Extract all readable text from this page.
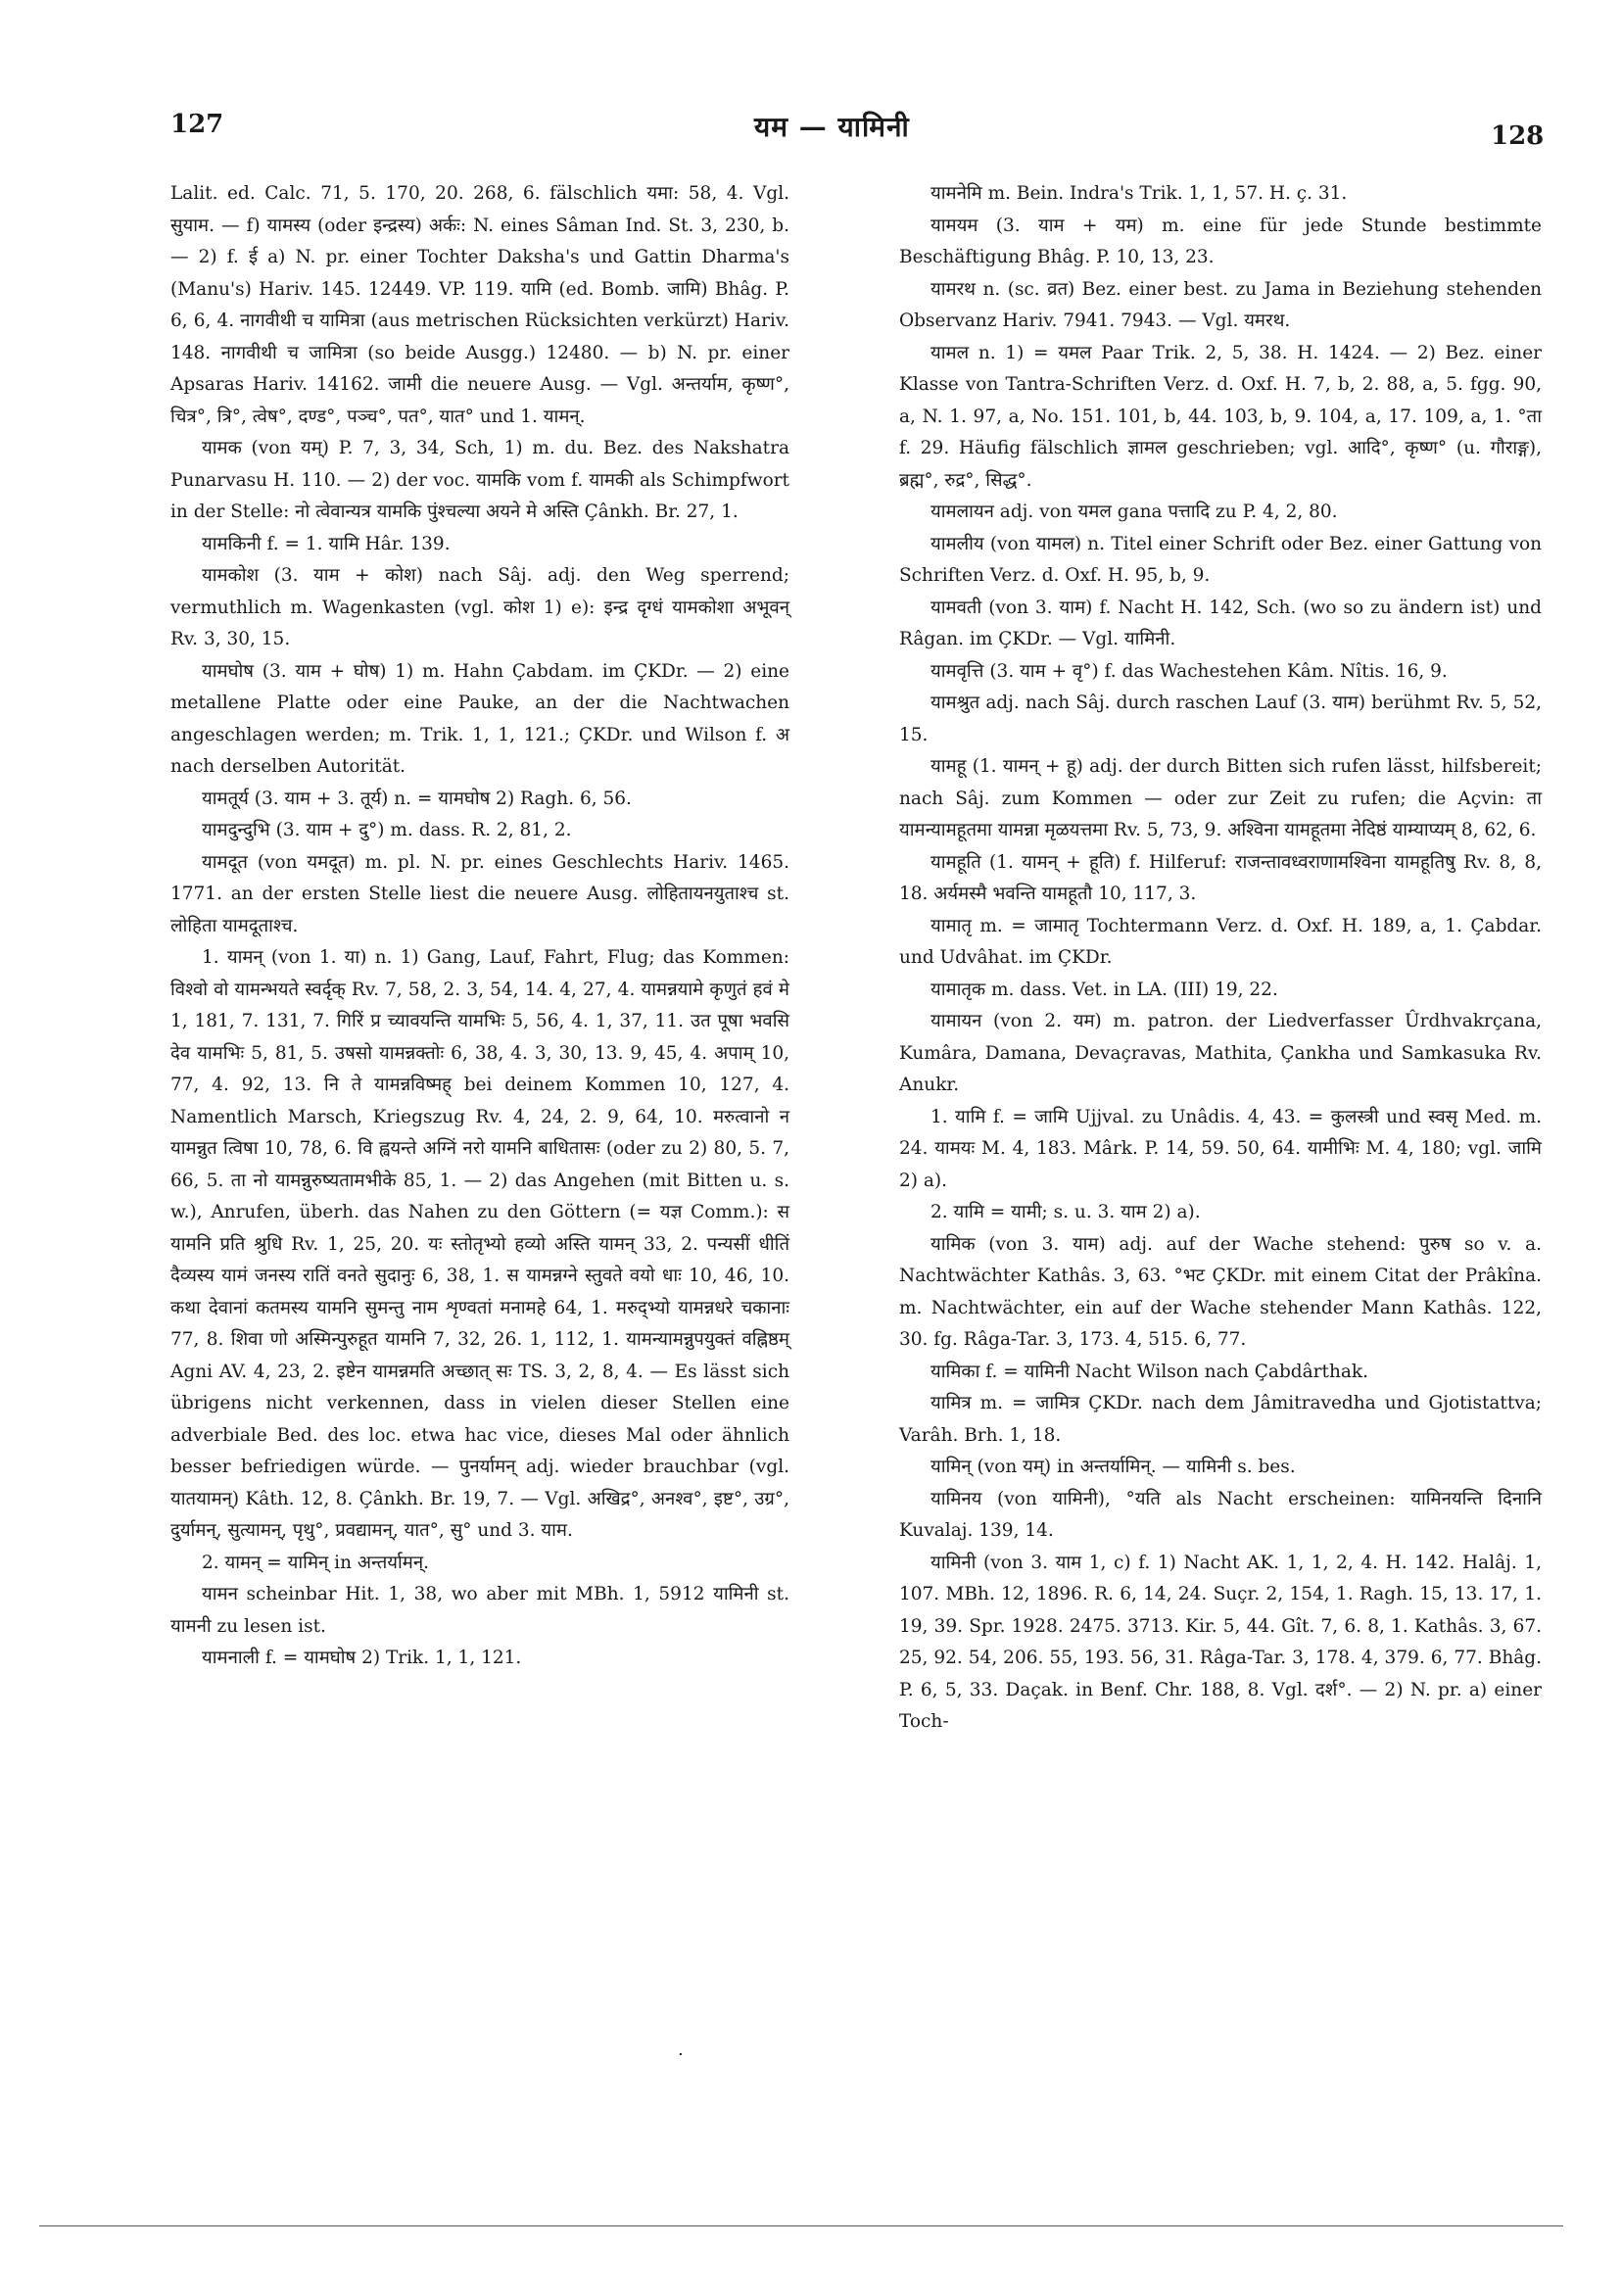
127	यम — यामिनी	128

Lalit. ed. Calc. 71, 5. 170, 20. 268, 6. fälschlich यमा: 58, 4. Vgl. सुयाम. — f) यामस्य (oder इन्द्रस्य) अर्कः: N. eines Sâman Ind. St. 3, 230, b. — 2) f. ई a) N. pr. einer Tochter Daksha's und Gattin Dharma's (Manu's) Hariv. 145. 12449. VP. 119. यामि (ed. Bomb. जामि) Bhâg. P. 6, 6, 4. नागवीथी च यामित्रा (aus metrischen Rücksichten verkürzt) Hariv. 148. नागवीथी च जामित्रा (so beide Ausgg.) 12480. — b) N. pr. einer Apsaras Hariv. 14162. जामी die neuere Ausg. — Vgl. अन्तर्याम, कृष्ण°, चित्र°, त्रि°, त्वेष°, दण्ड°, पञ्च°, पत°, यात° und 1. यामन्.

यामक (von यम्) P. 7, 3, 34, Sch, 1) m. du. Bez. des Nakshatra Punarvasu H. 110. — 2) der voc. यामकि vom f. यामकी als Schimpfwort in der Stelle: नो त्वेवान्यत्र यामकि पुंश्चल्या अयने मे अस्ति Çânkh. Br. 27, 1.

यामकिनी f. = 1. यामि Hâr. 139.

यामकोश (3. याम + कोश) nach Sâj. adj. den Weg sperrend; vermuthlich m. Wagenkasten (vgl. कोश 1) e): इन्द्र दृग्धं यामकोशा अभूवन् Rv. 3, 30, 15.

यामघोष (3. याम + घोष) 1) m. Hahn Çabdam. im ÇKDr. — 2) eine metallene Platte oder eine Pauke, an der die Nachtwachen angeschlagen werden; m. Trik. 1, 1, 121.; ÇKDr. und Wilson f. अ nach derselben Autorität.

यामतूर्य (3. याम + 3. तूर्य) n. = यामघोष 2) Ragh. 6, 56.

यामदुन्दुभि (3. याम + दु°) m. dass. R. 2, 81, 2.

यामदूत (von यमदूत) m. pl. N. pr. eines Geschlechts Hariv. 1465. 1771. an der ersten Stelle liest die neuere Ausg. लोहितायनयुताश्च st. लोहिता यामदूताश्च.

1. यामन् (von 1. या) n. 1) Gang, Lauf, Fahrt, Flug; das Kommen: विश्वो वो यामन्भयते स्वर्दृक् Rv. 7, 58, 2. 3, 54, 14. 4, 27, 4. यामन्नयामे कृणुतं हवं मे 1, 181, 7. 131, 7. गिरिं प्र च्यावयन्ति यामभिः 5, 56, 4. 1, 37, 11. उत पूषा भवसि देव यामभिः 5, 81, 5. उषसो यामन्नक्तोः 6, 38, 4. 3, 30, 13. 9, 45, 4. अपाम् 10, 77, 4. 92, 13. नि ते यामन्नविष्मह् bei deinem Kommen 10, 127, 4. Namentlich Marsch, Kriegszug Rv. 4, 24, 2. 9, 64, 10. मरुत्वानो न यामन्नुत त्विषा 10, 78, 6. वि ह्वयन्ते अग्निं नरो यामनि बाधितासः (oder zu 2) 80, 5. 7, 66, 5. ता नो यामन्नुरुष्यतामभीके 85, 1. — 2) das Angehen (mit Bitten u. s. w.), Anrufen, überh. das Nahen zu den Göttern (= यज्ञ Comm.): स यामनि प्रति श्रुधि Rv. 1, 25, 20. यः स्तोतृभ्यो हव्यो अस्ति यामन् 33, 2. पन्यसीं धीतिं दैव्यस्य यामं जनस्य रातिं वनते सुदानुः 6, 38, 1. स यामन्नग्ने स्तुवते वयो धाः 10, 46, 10. कथा देवानां कतमस्य यामनि सुमन्तु नाम शृण्वतां मनामहे 64, 1. मरुद्भ्यो यामन्नधरे चकानाः 77, 8. शिवा णो अस्मिन्पुरुहूत यामनि 7, 32, 26. 1, 112, 1. यामन्यामन्नुपयुक्तं वह्निष्ठम् Agni AV. 4, 23, 2. इष्टेन यामन्नमति अच्छात् सः TS. 3, 2, 8, 4. — Es lässt sich übrigens nicht verkennen, dass in vielen dieser Stellen eine adverbiale Bed. des loc. etwa hac vice, dieses Mal oder ähnlich besser befriedigen würde. — पुनर्यामन् adj. wieder brauchbar (vgl. यातयामन्) Kâth. 12, 8. Çânkh. Br. 19, 7. — Vgl. अखिद्र°, अनश्व°, इष्ट°, उग्र°, दुर्यामन्, सुत्यामन्, पृथु°, प्रवद्यामन्, यात°, सु° und 3. याम.

2. यामन् = यामिन् in अन्तर्यामन्.

यामन scheinbar Hit. 1, 38, wo aber mit MBh. 1, 5912 यामिनी st. यामनी zu lesen ist.

यामनाली f. = यामघोष 2) Trik. 1, 1, 121.

यामनेमि m. Bein. Indra's Trik. 1, 1, 57. H. ç. 31.

यामयम (3. याम + यम) m. eine für jede Stunde bestimmte Beschäftigung Bhâg. P. 10, 13, 23.

यामरथ n. (sc. व्रत) Bez. einer best. zu Jama in Beziehung stehenden Observanz Hariv. 7941. 7943. — Vgl. यमरथ.

यामल n. 1) = यमल Paar Trik. 2, 5, 38. H. 1424. — 2) Bez. einer Klasse von Tantra-Schriften Verz. d. Oxf. H. 7, b, 2. 88, a, 5. fgg. 90, a, N. 1. 97, a, No. 151. 101, b, 44. 103, b, 9. 104, a, 17. 109, a, 1. °ता f. 29. Häufig fälschlich ज्ञामल geschrieben; vgl. आदि°, कृष्ण° (u. गौराङ्ग), ब्रह्म°, रुद्र°, सिद्ध°.

यामलायन adj. von यमल gana पत्तादि zu P. 4, 2, 80.

यामलीय (von यामल) n. Titel einer Schrift oder Bez. einer Gattung von Schriften Verz. d. Oxf. H. 95, b, 9.

यामवती (von 3. याम) f. Nacht H. 142, Sch. (wo so zu ändern ist) und Râgan. im ÇKDr. — Vgl. यामिनी.

यामवृत्ति (3. याम + वृ°) f. das Wachestehen Kâm. Nîtis. 16, 9.

यामश्रुत adj. nach Sâj. durch raschen Lauf (3. याम) berühmt Rv. 5, 52, 15.

यामहू (1. यामन् + हू) adj. der durch Bitten sich rufen lässt, hilfsbereit; nach Sâj. zum Kommen — oder zur Zeit zu rufen; die Açvin: ता यामन्यामहूतमा यामन्ना मृळयत्तमा Rv. 5, 73, 9. अश्विना यामहूतमा नेदिष्ठं याम्याप्यम् 8, 62, 6.

यामहूति (1. यामन् + हूति) f. Hilferuf: राजन्तावध्वराणामश्विना यामहूतिषु Rv. 8, 8, 18. अर्यमस्मै भवन्ति यामहूतौ 10, 117, 3.

यामातृ m. = जामातृ Tochtermann Verz. d. Oxf. H. 189, a, 1. Çabdar. und Udvâhat. im ÇKDr.

यामातृक m. dass. Vet. in LA. (III) 19, 22.

यामायन (von 2. यम) m. patron. der Liedverfasser Ûrdhvakrçana, Kumâra, Damana, Devaçravas, Mathita, Çankha und Samkasuka Rv. Anukr.

1. यामि f. = जामि Ujjval. zu Unâdis. 4, 43. = कुलस्त्री und स्वसृ Med. m. 24. यामयः M. 4, 183. Mârk. P. 14, 59. 50, 64. यामीभिः M. 4, 180; vgl. जामि 2) a).

2. यामि = यामी; s. u. 3. याम 2) a).

यामिक (von 3. याम) adj. auf der Wache stehend: पुरुष so v. a. Nachtwächter Kathâs. 3, 63. °भट ÇKDr. mit einem Citat der Prâkîna. m. Nachtwächter, ein auf der Wache stehender Mann Kathâs. 122, 30. fg. Râga-Tar. 3, 173. 4, 515. 6, 77.

यामिका f. = यामिनी Nacht Wilson nach Çabdârthak.

यामित्र m. = जामित्र ÇKDr. nach dem Jâmitravedha und Gjotistattva; Varâh. Brh. 1, 18.

यामिन् (von यम्) in अन्तर्यामिन्. — यामिनी s. bes.

यामिनय (von यामिनी), °यति als Nacht erscheinen: यामिनयन्ति दिनानि Kuvalaj. 139, 14.

यामिनी (von 3. याम 1, c) f. 1) Nacht AK. 1, 1, 2, 4. H. 142. Halâj. 1, 107. MBh. 12, 1896. R. 6, 14, 24. Suçr. 2, 154, 1. Ragh. 15, 13. 17, 1. 19, 39. Spr. 1928. 2475. 3713. Kir. 5, 44. Gît. 7, 6. 8, 1. Kathâs. 3, 67. 25, 92. 54, 206. 55, 193. 56, 31. Râga-Tar. 3, 178. 4, 379. 6, 77. Bhâg. P. 6, 5, 33. Daçak. in Benf. Chr. 188, 8. Vgl. दर्श°. — 2) N. pr. a) einer Toch-

.
